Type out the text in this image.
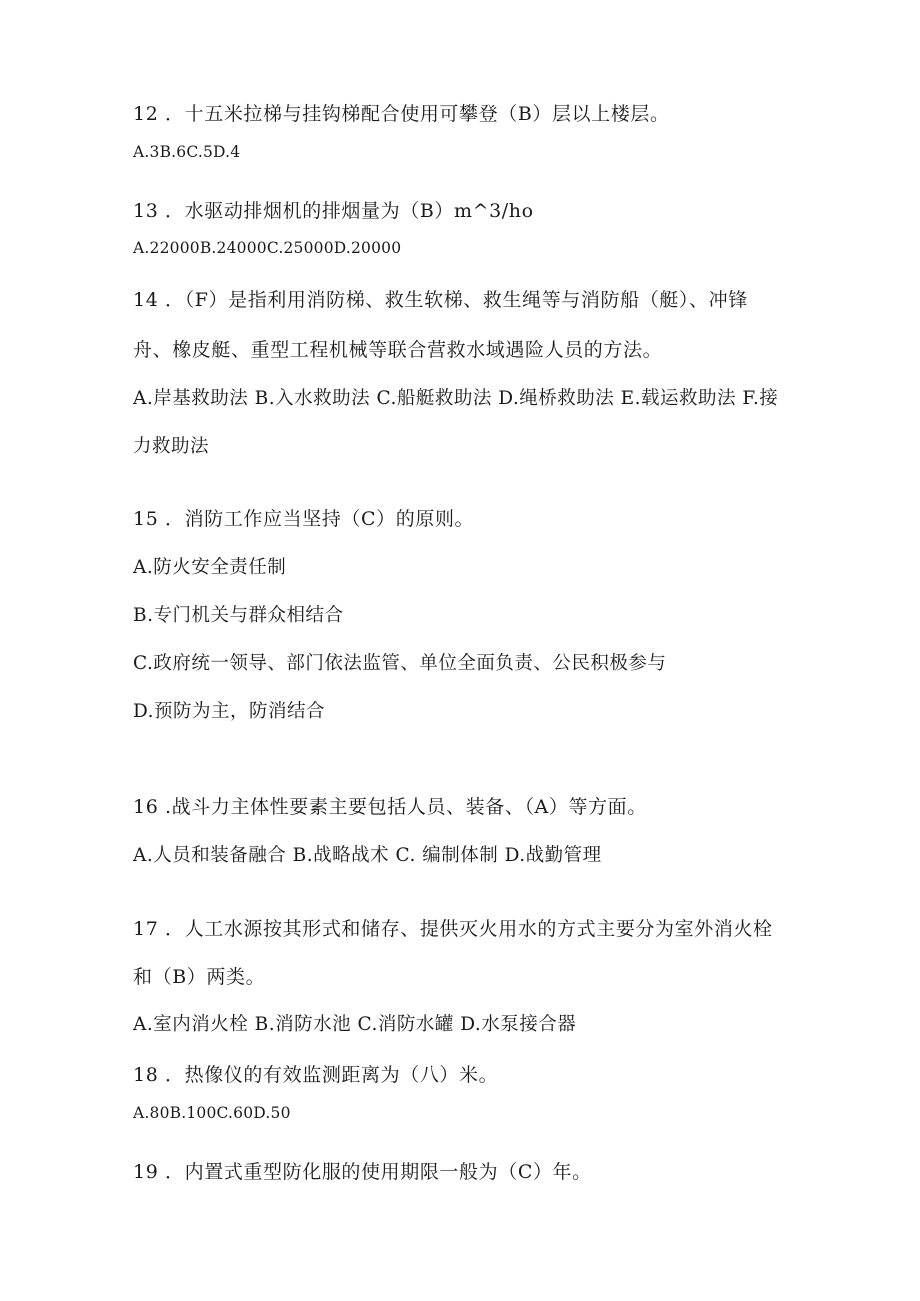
12 ．十五米拉梯与挂钩梯配合使用可攀登（B）层以上楼层。
A.3B.6C.5D.4
13 ．水驱动排烟机的排烟量为（B）m^3∕ho
A.22000B.24000C.25000D.20000
14 ．（F）是指利用消防梯、救生软梯、救生绳等与消防船（艇）、冲锋
舟、橡皮艇、重型工程机械等联合营救水域遇险人员的方法。
A.岸基救助法 B.入水救助法 C.船艇救助法 D.绳桥救助法 E.载运救助法 F.接
力救助法
15 ．消防工作应当坚持（C）的原则。
A.防火安全责任制
B.专门机关与群众相结合
C.政府统一领导、部门依法监管、单位全面负责、公民积极参与
D.预防为主，防消结合
16 .战斗力主体性要素主要包括人员、装备、（A）等方面。
A.人员和装备融合 B.战略战术 C. 编制体制 D.战勤管理
17 ．人工水源按其形式和储存、提供灭火用水的方式主要分为室外消火栓
和（B）两类。
A.室内消火栓 B.消防水池 C.消防水罐 D.水泵接合器
18 ．热像仪的有效监测距离为（八）米。
A.80B.100C.60D.50
19 ．内置式重型防化服的使用期限一般为（C）年。
